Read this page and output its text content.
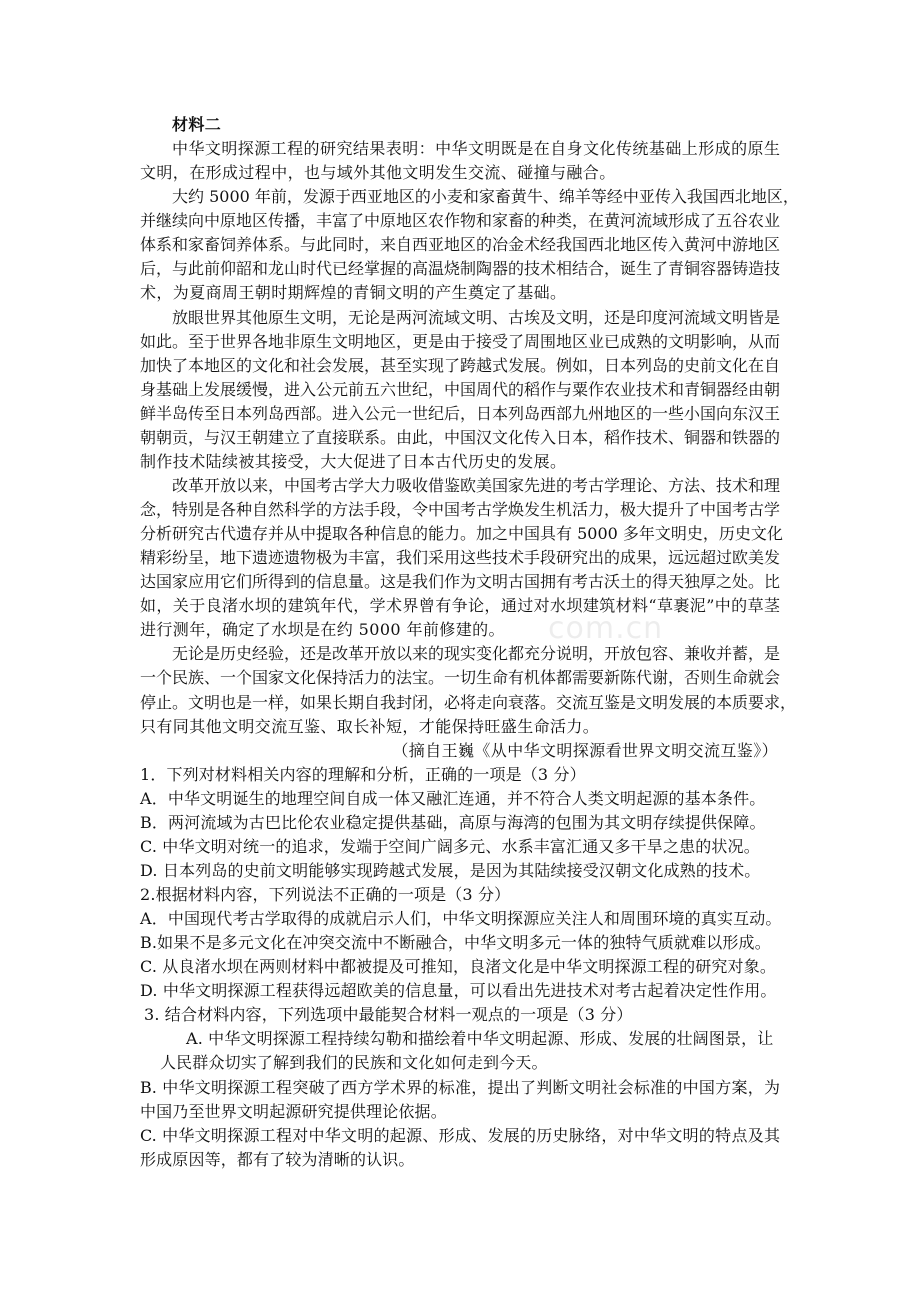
com.cn
材料二
中华文明探源工程的研究结果表明：中华文明既是在自身文化传统基础上形成的原生
文明，在形成过程中，也与域外其他文明发生交流、碰撞与融合。
大约 5000 年前，发源于西亚地区的小麦和家畜黄牛、绵羊等经中亚传入我国西北地区，
并继续向中原地区传播，丰富了中原地区农作物和家畜的种类，在黄河流域形成了五谷农业
体系和家畜饲养体系。与此同时，来自西亚地区的冶金术经我国西北地区传入黄河中游地区
后，与此前仰韶和龙山时代已经掌握的高温烧制陶器的技术相结合，诞生了青铜容器铸造技
术，为夏商周王朝时期辉煌的青铜文明的产生奠定了基础。
放眼世界其他原生文明，无论是两河流域文明、古埃及文明，还是印度河流域文明皆是
如此。至于世界各地非原生文明地区，更是由于接受了周围地区业已成熟的文明影响，从而
加快了本地区的文化和社会发展，甚至实现了跨越式发展。例如，日本列岛的史前文化在自
身基础上发展缓慢，进入公元前五六世纪，中国周代的稻作与粟作农业技术和青铜器经由朝
鲜半岛传至日本列岛西部。进入公元一世纪后，日本列岛西部九州地区的一些小国向东汉王
朝朝贡，与汉王朝建立了直接联系。由此，中国汉文化传入日本，稻作技术、铜器和铁器的
制作技术陆续被其接受，大大促进了日本古代历史的发展。
改革开放以来，中国考古学大力吸收借鉴欧美国家先进的考古学理论、方法、技术和理
念，特别是各种自然科学的方法手段，令中国考古学焕发生机活力，极大提升了中国考古学
分析研究古代遗存并从中提取各种信息的能力。加之中国具有 5000 多年文明史，历史文化
精彩纷呈，地下遗迹遗物极为丰富，我们采用这些技术手段研究出的成果，远远超过欧美发
达国家应用它们所得到的信息量。这是我们作为文明古国拥有考古沃土的得天独厚之处。比
如，关于良渚水坝的建筑年代，学术界曾有争论，通过对水坝建筑材料“草裹泥”中的草茎
进行测年，确定了水坝是在约 5000 年前修建的。
无论是历史经验，还是改革开放以来的现实变化都充分说明，开放包容、兼收并蓄，是
一个民族、一个国家文化保持活力的法宝。一切生命有机体都需要新陈代谢，否则生命就会
停止。文明也是一样，如果长期自我封闭，必将走向衰落。交流互鉴是文明发展的本质要求，
只有同其他文明交流互鉴、取长补短，才能保持旺盛生命活力。
（摘自王巍《从中华文明探源看世界文明交流互鉴》）
1．下列对材料相关内容的理解和分析，正确的一项是（3 分）
A．中华文明诞生的地理空间自成一体又融汇连通，并不符合人类文明起源的基本条件。
B．两河流域为古巴比伦农业稳定提供基础，高原与海湾的包围为其文明存续提供保障。
C. 中华文明对统一的追求，发端于空间广阔多元、水系丰富汇通又多干旱之患的状况。
D. 日本列岛的史前文明能够实现跨越式发展，是因为其陆续接受汉朝文化成熟的技术。
2.根据材料内容，下列说法不正确的一项是（3 分）
A．中国现代考古学取得的成就启示人们，中华文明探源应关注人和周围环境的真实互动。
B.如果不是多元文化在冲突交流中不断融合，中华文明多元一体的独特气质就难以形成。
C. 从良渚水坝在两则材料中都被提及可推知，良渚文化是中华文明探源工程的研究对象。
D. 中华文明探源工程获得远超欧美的信息量，可以看出先进技术对考古起着决定性作用。
3. 结合材料内容，下列选项中最能契合材料一观点的一项是（3 分）
A. 中华文明探源工程持续勾勒和描绘着中华文明起源、形成、发展的壮阔图景，让
人民群众切实了解到我们的民族和文化如何走到今天。
B. 中华文明探源工程突破了西方学术界的标准，提出了判断文明社会标准的中国方案，为
中国乃至世界文明起源研究提供理论依据。
C. 中华文明探源工程对中华文明的起源、形成、发展的历史脉络，对中华文明的特点及其
形成原因等，都有了较为清晰的认识。
